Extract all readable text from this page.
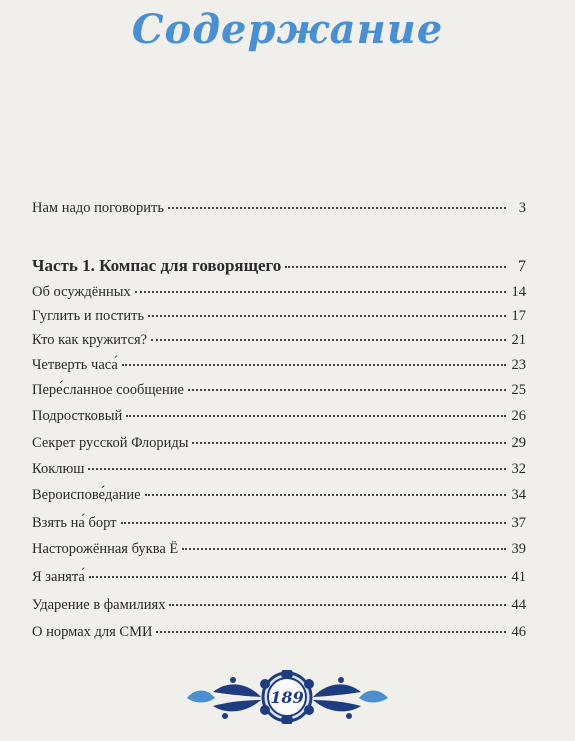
Содержание
Нам надо поговорить	3
Часть 1. Компас для говорящего	7
Об осуждённых	14
Гуглить и постить	17
Кто как кружится?	21
Четверть часа́	23
Пере́сланное сообщение	25
Подростковый	26
Секрет русской Флориды	29
Коклюш	32
Вероиспове́дание	34
Взять на́ борт	37
Насторожённая буква Ё	39
Я занята́	41
Ударение в фамилиях	44
О нормах для СМИ	46
189
